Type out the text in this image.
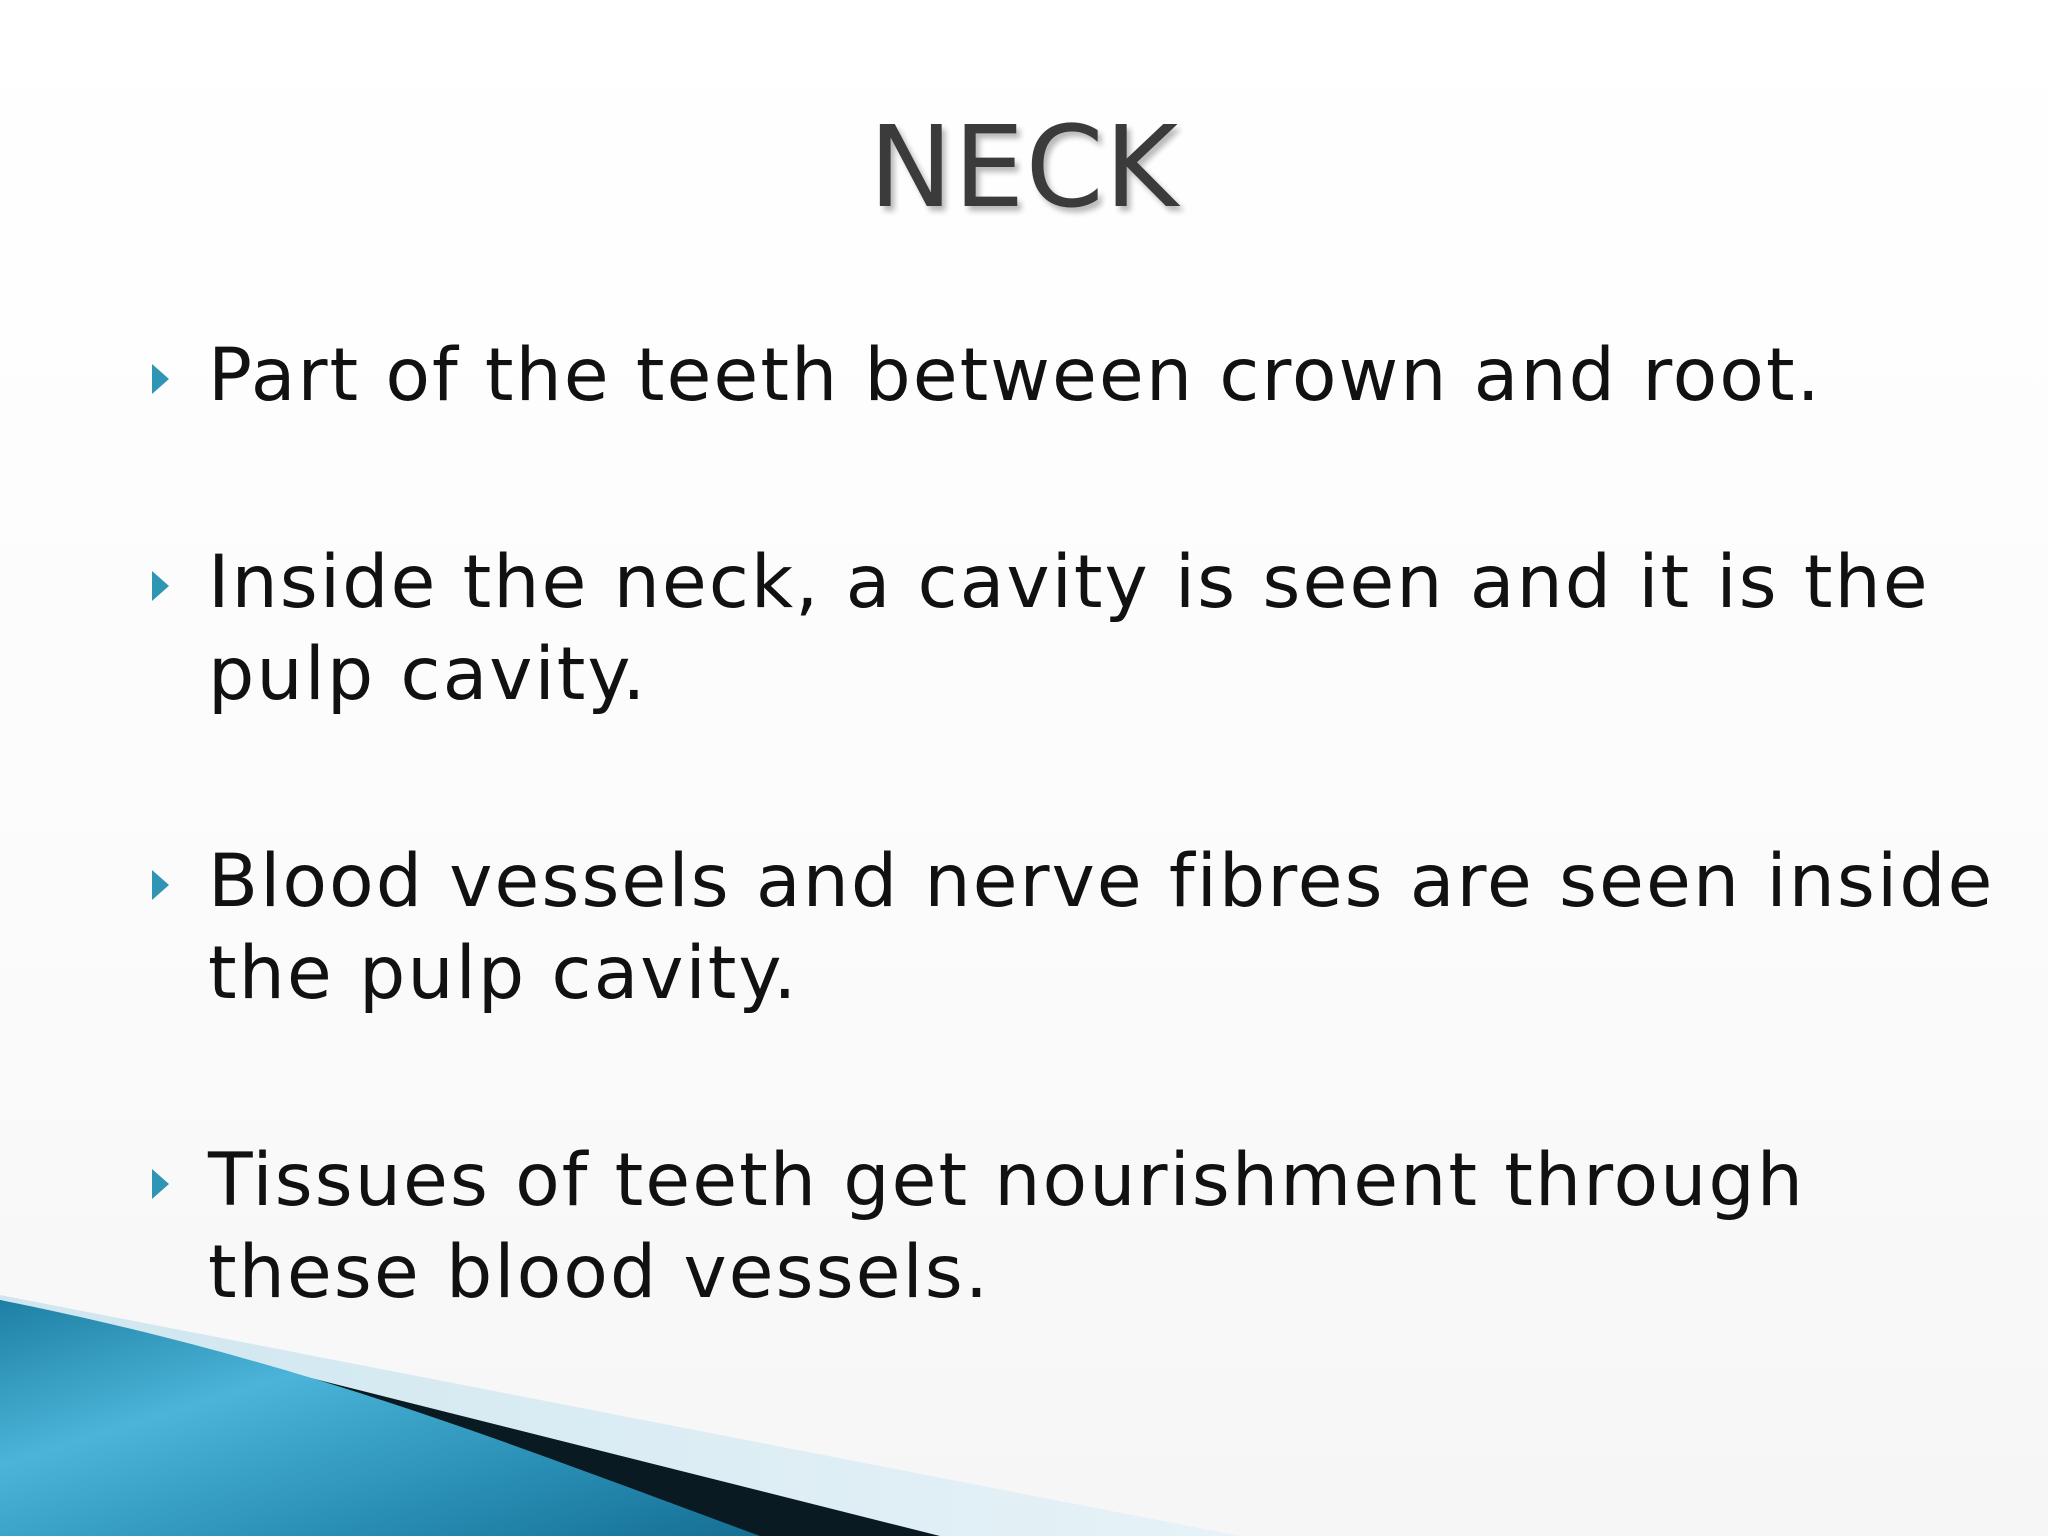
NECK
Part of the teeth between crown and root.
Inside the neck, a cavity is seen and it is the pulp cavity.
Blood vessels and nerve fibres are seen inside the pulp cavity.
Tissues of teeth get nourishment through these blood vessels.
